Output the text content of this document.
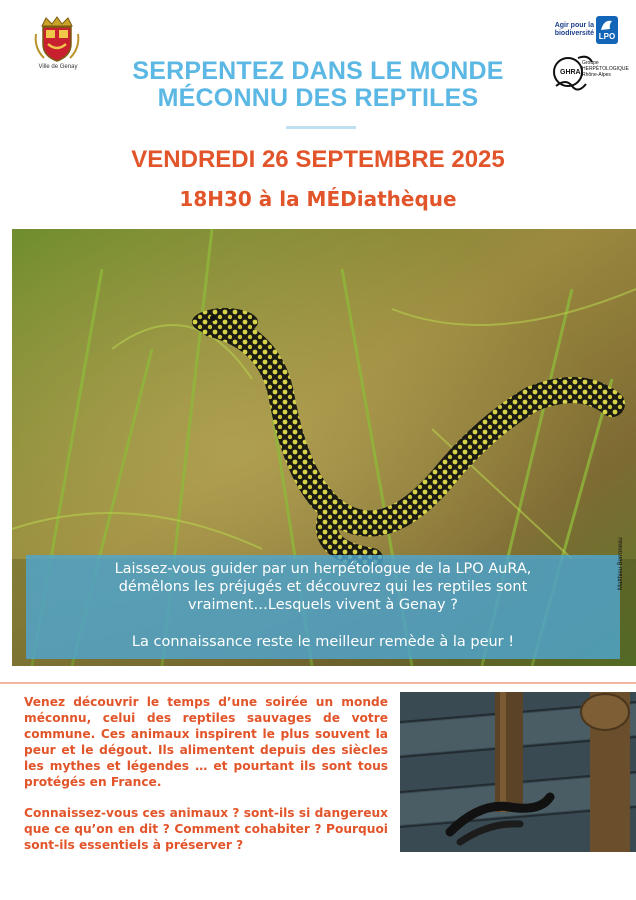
Ville de Genay
Agir pour la biodiversité LPO
GHRA
Groupe HERPÉTOLOGIQUE Rhône-Alpes
SERPENTEZ DANS LE MONDE
MÉCONNU DES REPTILES
VENDREDI 26 SEPTEMBRE 2025
18H30 à la MÉDiathèque
Laissez-vous guider par un herpétologue de la LPO AuRA,
démêlons les préjugés et découvrez qui les reptiles sont
vraiment…Lesquels vivent à Genay ?
La connaissance reste le meilleur remède à la peur !
Matthieu Berroneau

Venez découvrir le temps d’une soirée un monde méconnu, celui des reptiles sauvages de votre commune. Ces animaux inspirent le plus souvent la peur et le dégout. Ils alimentent depuis des siècles les mythes et légendes … et pourtant ils sont tous protégés en France.

Connaissez-vous ces animaux ? sont-ils si dangereux que ce qu’on en dit ? Comment cohabiter ? Pourquoi sont-ils essentiels à préserver ?
